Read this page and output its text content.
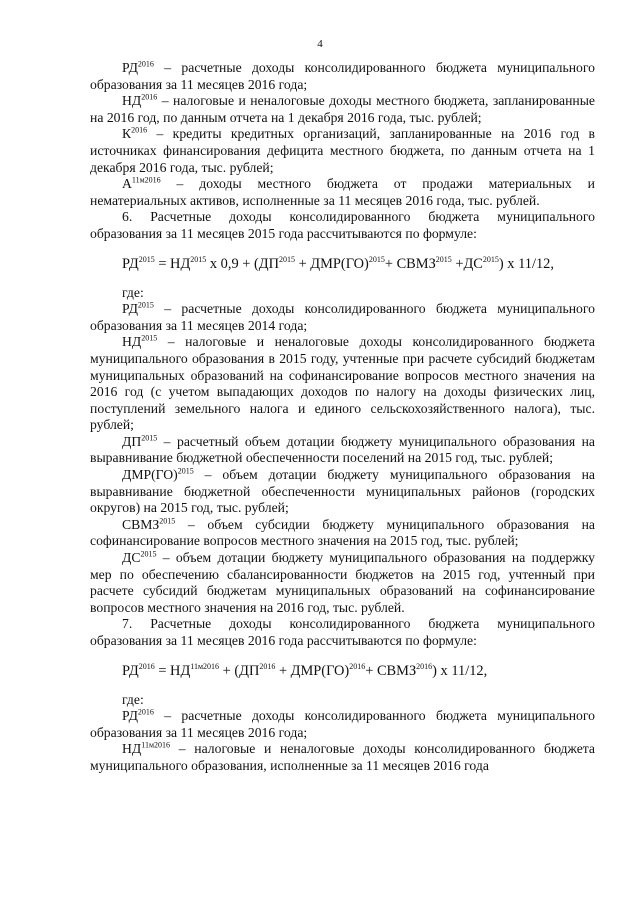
4

$РД^{2016}$ – расчетные доходы консолидированного бюджета муниципального образования за 11 месяцев 2016 года;

$НД^{2016}$ – налоговые и неналоговые доходы местного бюджета, запланированные на 2016 год, по данным отчета на 1 декабря 2016 года, тыс. рублей;

$К^{2016}$ – кредиты кредитных организаций, запланированные на 2016 год в источниках финансирования дефицита местного бюджета, по данным отчета на 1 декабря 2016 года, тыс. рублей;

$А^{11м2016}$ – доходы местного бюджета от продажи материальных и нематериальных активов, исполненные за 11 месяцев 2016 года, тыс. рублей.

6. Расчетные доходы консолидированного бюджета муниципального образования за 11 месяцев 2015 года рассчитываются по формуле:

$РД^{2015} = НД^{2015}$ х $0,9 + (ДП^{2015} + ДМР(ГО)^{2015}+$ $СВМЗ^{2015} +ДС^{2015}$) х 11/12,

где:

$РД^{2015}$ – расчетные доходы консолидированного бюджета муниципального образования за 11 месяцев 2014 года;

$НД^{2015}$ – налоговые и неналоговые доходы консолидированного бюджета муниципального образования в 2015 году, учтенные при расчете субсидий бюджетам муниципальных образований на софинансирование вопросов местного значения на 2016 год (с учетом выпадающих доходов по налогу на доходы физических лиц, поступлений земельного налога и единого сельскохозяйственного налога), тыс. рублей;

$ДП^{2015}$ – расчетный объем дотации бюджету муниципального образования на выравнивание бюджетной обеспеченности поселений на 2015 год, тыс. рублей;

ДМР(ГО)$^{2015}$ – объем дотации бюджету муниципального образования на выравнивание бюджетной обеспеченности муниципальных районов (городских округов) на 2015 год, тыс. рублей;

$СВМЗ^{2015}$ – объем субсидии бюджету муниципального образования на софинансирование вопросов местного значения на 2015 год, тыс. рублей;

$ДС^{2015}$ – объем дотации бюджету муниципального образования на поддержку мер по обеспечению сбалансированности бюджетов на 2015 год, учтенный при расчете субсидий бюджетам муниципальных образований на софинансирование вопросов местного значения на 2016 год, тыс. рублей.

7. Расчетные доходы консолидированного бюджета муниципального образования за 11 месяцев 2016 года рассчитываются по формуле:

$РД^{2016} = НД^{11м2016} + (ДП^{2016} + ДМР(ГО)^{2016}+$ $СВМЗ^{2016}$) х 11/12,

где:

$РД^{2016}$ – расчетные доходы консолидированного бюджета муниципального образования за 11 месяцев 2016 года;

$НД^{11м2016}$ – налоговые и неналоговые доходы консолидированного бюджета муниципального образования, исполненные за 11 месяцев 2016 года
